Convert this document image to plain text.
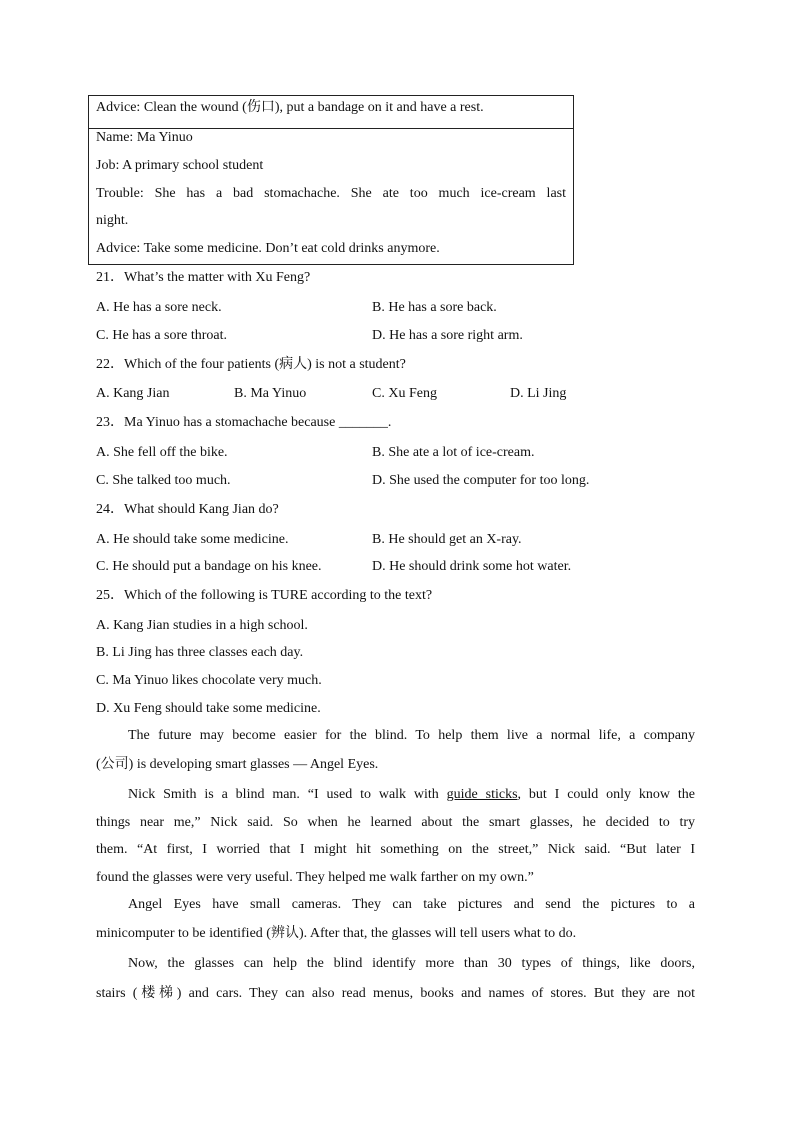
Advice: Clean the wound (伤口), put a bandage on it and have a rest.
Name: Ma Yinuo
Job: A primary school student
Trouble: She has a bad stomachache. She ate too much ice-cream last
night.
Advice: Take some medicine. Don’t eat cold drinks anymore.
21．What’s the matter with Xu Feng?
A. He has a sore neck.	B. He has a sore back.
C. He has a sore throat.	D. He has a sore right arm.
22．Which of the four patients (病人) is not a student?
A. Kang Jian	B. Ma Yinuo	C. Xu Feng	D. Li Jing
23．Ma Yinuo has a stomachache because _______.
A. She fell off the bike.	B. She ate a lot of ice-cream.
C. She talked too much.	D. She used the computer for too long.
24．What should Kang Jian do?
A. He should take some medicine.	B. He should get an X-ray.
C. He should put a bandage on his knee.	D. He should drink some hot water.
25．Which of the following is TURE according to the text?
A. Kang Jian studies in a high school.
B. Li Jing has three classes each day.
C. Ma Yinuo likes chocolate very much.
D. Xu Feng should take some medicine.
The future may become easier for the blind. To help them live a normal life, a company
(公司) is developing smart glasses — Angel Eyes.
Nick Smith is a blind man. “I used to walk with guide sticks, but I could only know the
things near me,” Nick said. So when he learned about the smart glasses, he decided to try
them. “At first, I worried that I might hit something on the street,” Nick said. “But later I
found the glasses were very useful. They helped me walk farther on my own.”
Angel Eyes have small cameras. They can take pictures and send the pictures to a
minicomputer to be identified (辨认). After that, the glasses will tell users what to do.
Now, the glasses can help the blind identify more than 30 types of things, like doors,
stairs (楼梯) and cars. They can also read menus, books and names of stores. But they are not
